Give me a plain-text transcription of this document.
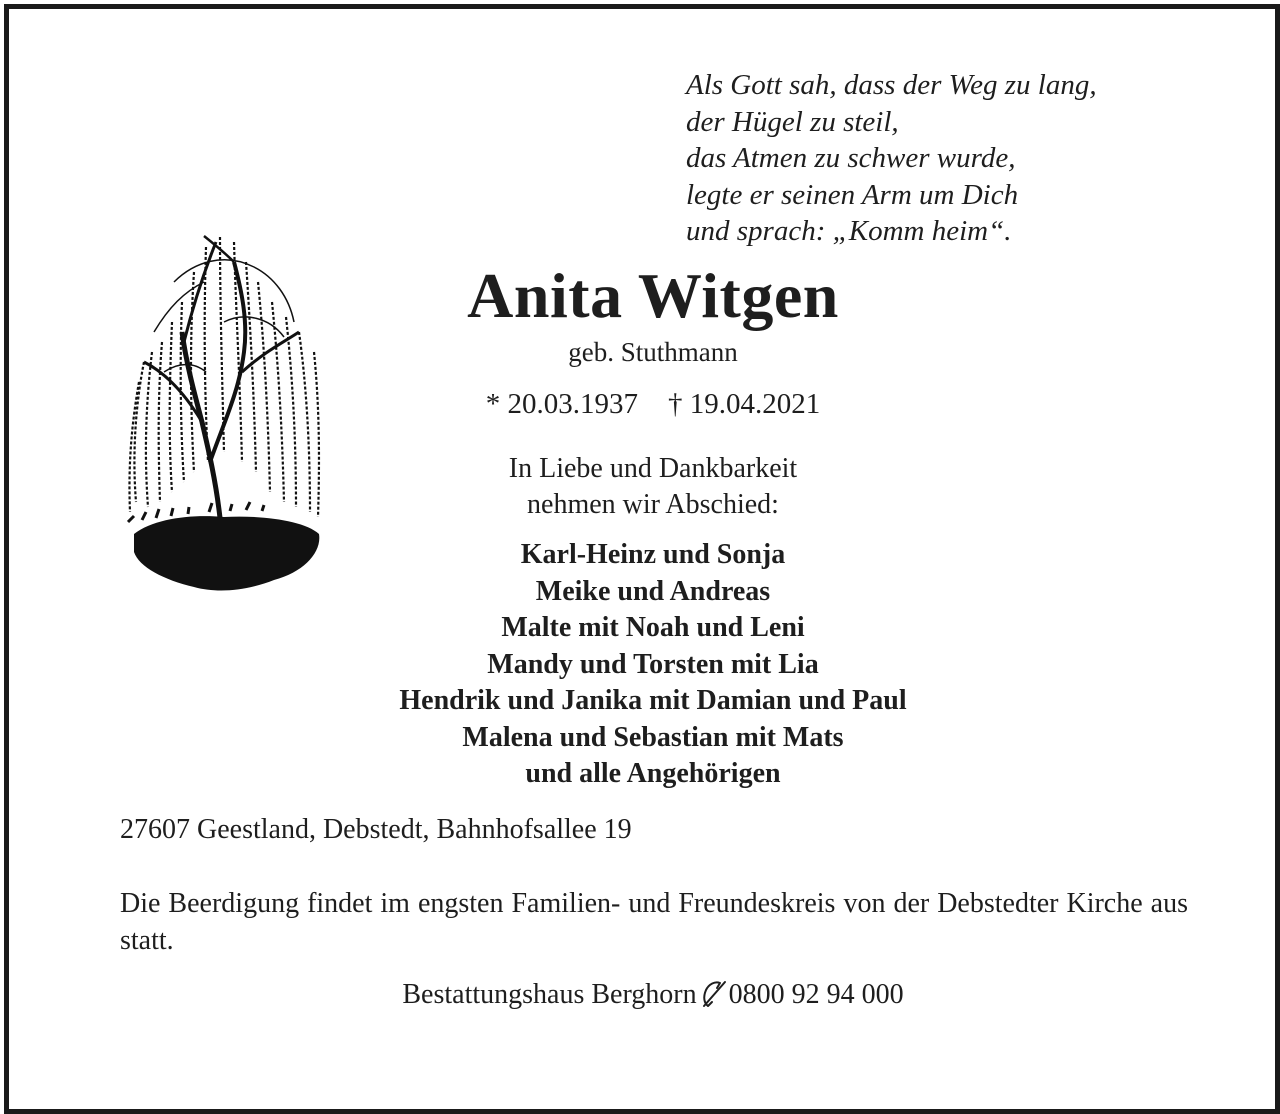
Als Gott sah, dass der Weg zu lang,
der Hügel zu steil,
das Atmen zu schwer wurde,
legte er seinen Arm um Dich
und sprach: „Komm heim“.
Anita Witgen
geb. Stuthmann
* 20.03.1937 † 19.04.2021
In Liebe und Dankbarkeit
nehmen wir Abschied:
Karl-Heinz und Sonja
Meike und Andreas
Malte mit Noah und Leni
Mandy und Torsten mit Lia
Hendrik und Janika mit Damian und Paul
Malena und Sebastian mit Mats
und alle Angehörigen
27607 Geestland, Debstedt, Bahnhofsallee 19
Die Beerdigung findet im engsten Familien- und Freundeskreis von der Debstedter Kirche aus statt.
Bestattungshaus Berghorn 0800 92 94 000
